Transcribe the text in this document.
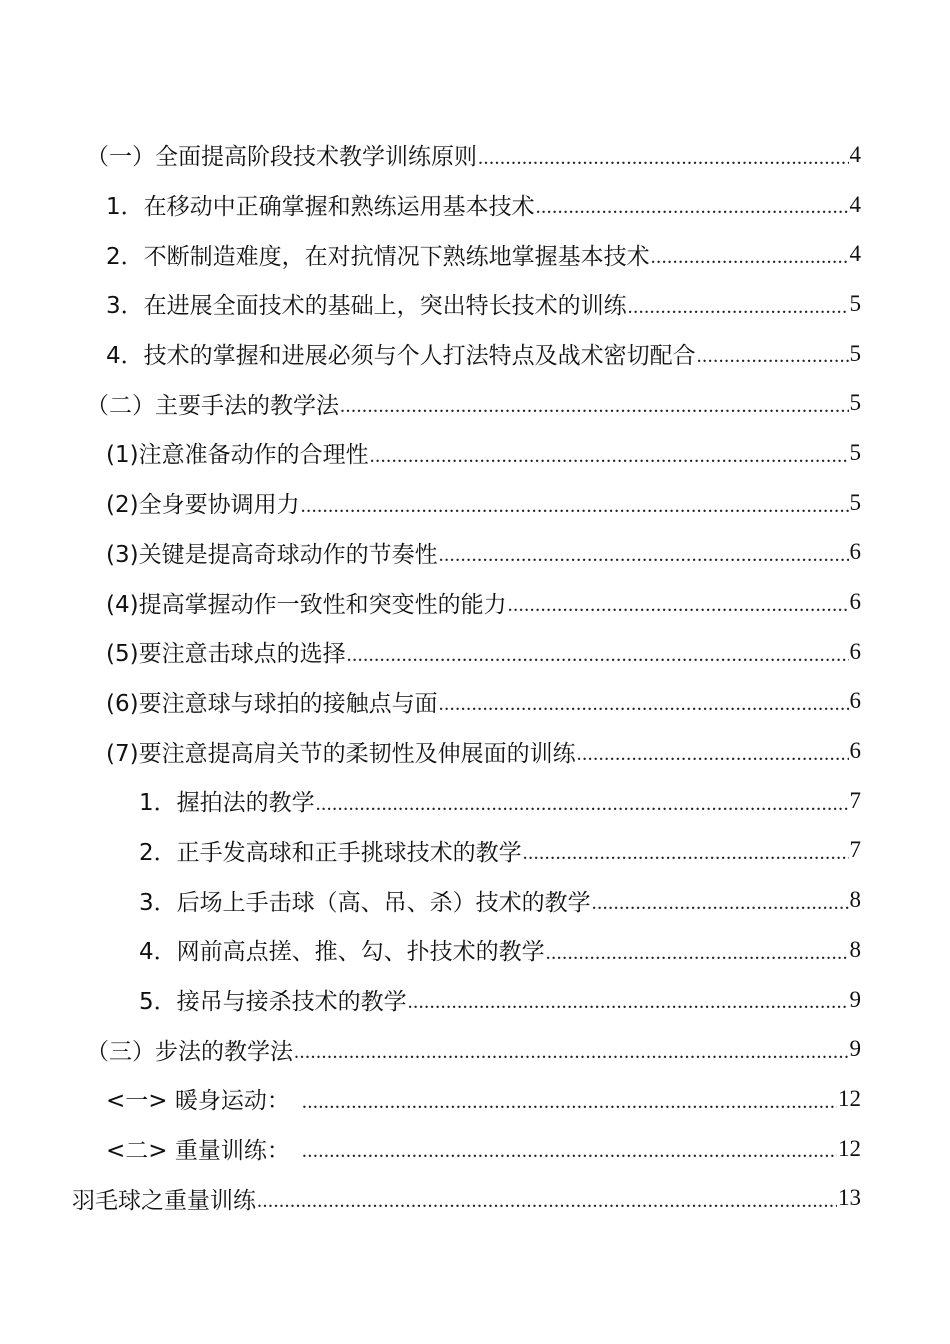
（一）全面提高阶段技术教学训练原则 .....	4
1．在移动中正确掌握和熟练运用基本技术 .....	4
2．不断制造难度，在对抗情况下熟练地掌握基本技术 .....	4
3．在进展全面技术的基础上，突出特长技术的训练 .....	5
4．技术的掌握和进展必须与个人打法特点及战术密切配合 .....	5
（二）主要手法的教学法 .....	5
(1)注意准备动作的合理性 .....	5
(2)全身要协调用力 .....	5
(3)关键是提高奇球动作的节奏性 .....	6
(4)提高掌握动作一致性和突变性的能力 .....	6
(5)要注意击球点的选择 .....	6
(6)要注意球与球拍的接触点与面 .....	6
(7)要注意提高肩关节的柔韧性及伸展面的训练 .....	6
1．握拍法的教学 .....	7
2．正手发高球和正手挑球技术的教学 .....	7
3．后场上手击球（高、吊、杀）技术的教学 .....	8
4．网前高点搓、推、勾、扑技术的教学 .....	8
5．接吊与接杀技术的教学 .....	9
（三）步法的教学法 .....	9
<一> 暖身运动： .....	12
<二> 重量训练： .....	12
羽毛球之重量训练 .....	13
